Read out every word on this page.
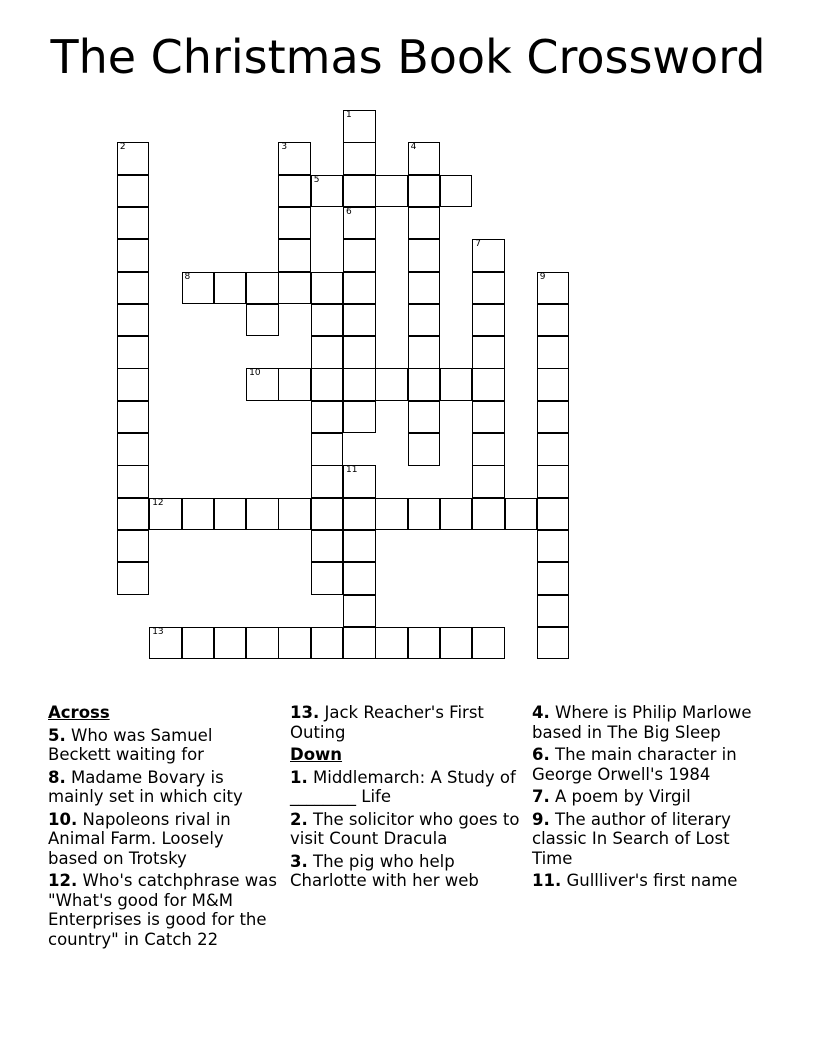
The Christmas Book Crossword
1
2	3	4
5
6
7
8	9
10
11
12
13
Across
5. Who was Samuel Beckett waiting for
8. Madame Bovary is mainly set in which city
10. Napoleons rival in Animal Farm. Loosely based on Trotsky
12. Who's catchphrase was "What's good for M&M Enterprises is good for the country" in Catch 22
13. Jack Reacher's First Outing
Down
1. Middlemarch: A Study of ________ Life
2. The solicitor who goes to visit Count Dracula
3. The pig who help Charlotte with her web
4. Where is Philip Marlowe based in The Big Sleep
6. The main character in George Orwell's 1984
7. A poem by Virgil
9. The author of literary classic In Search of Lost Time
11. Gullliver's first name
